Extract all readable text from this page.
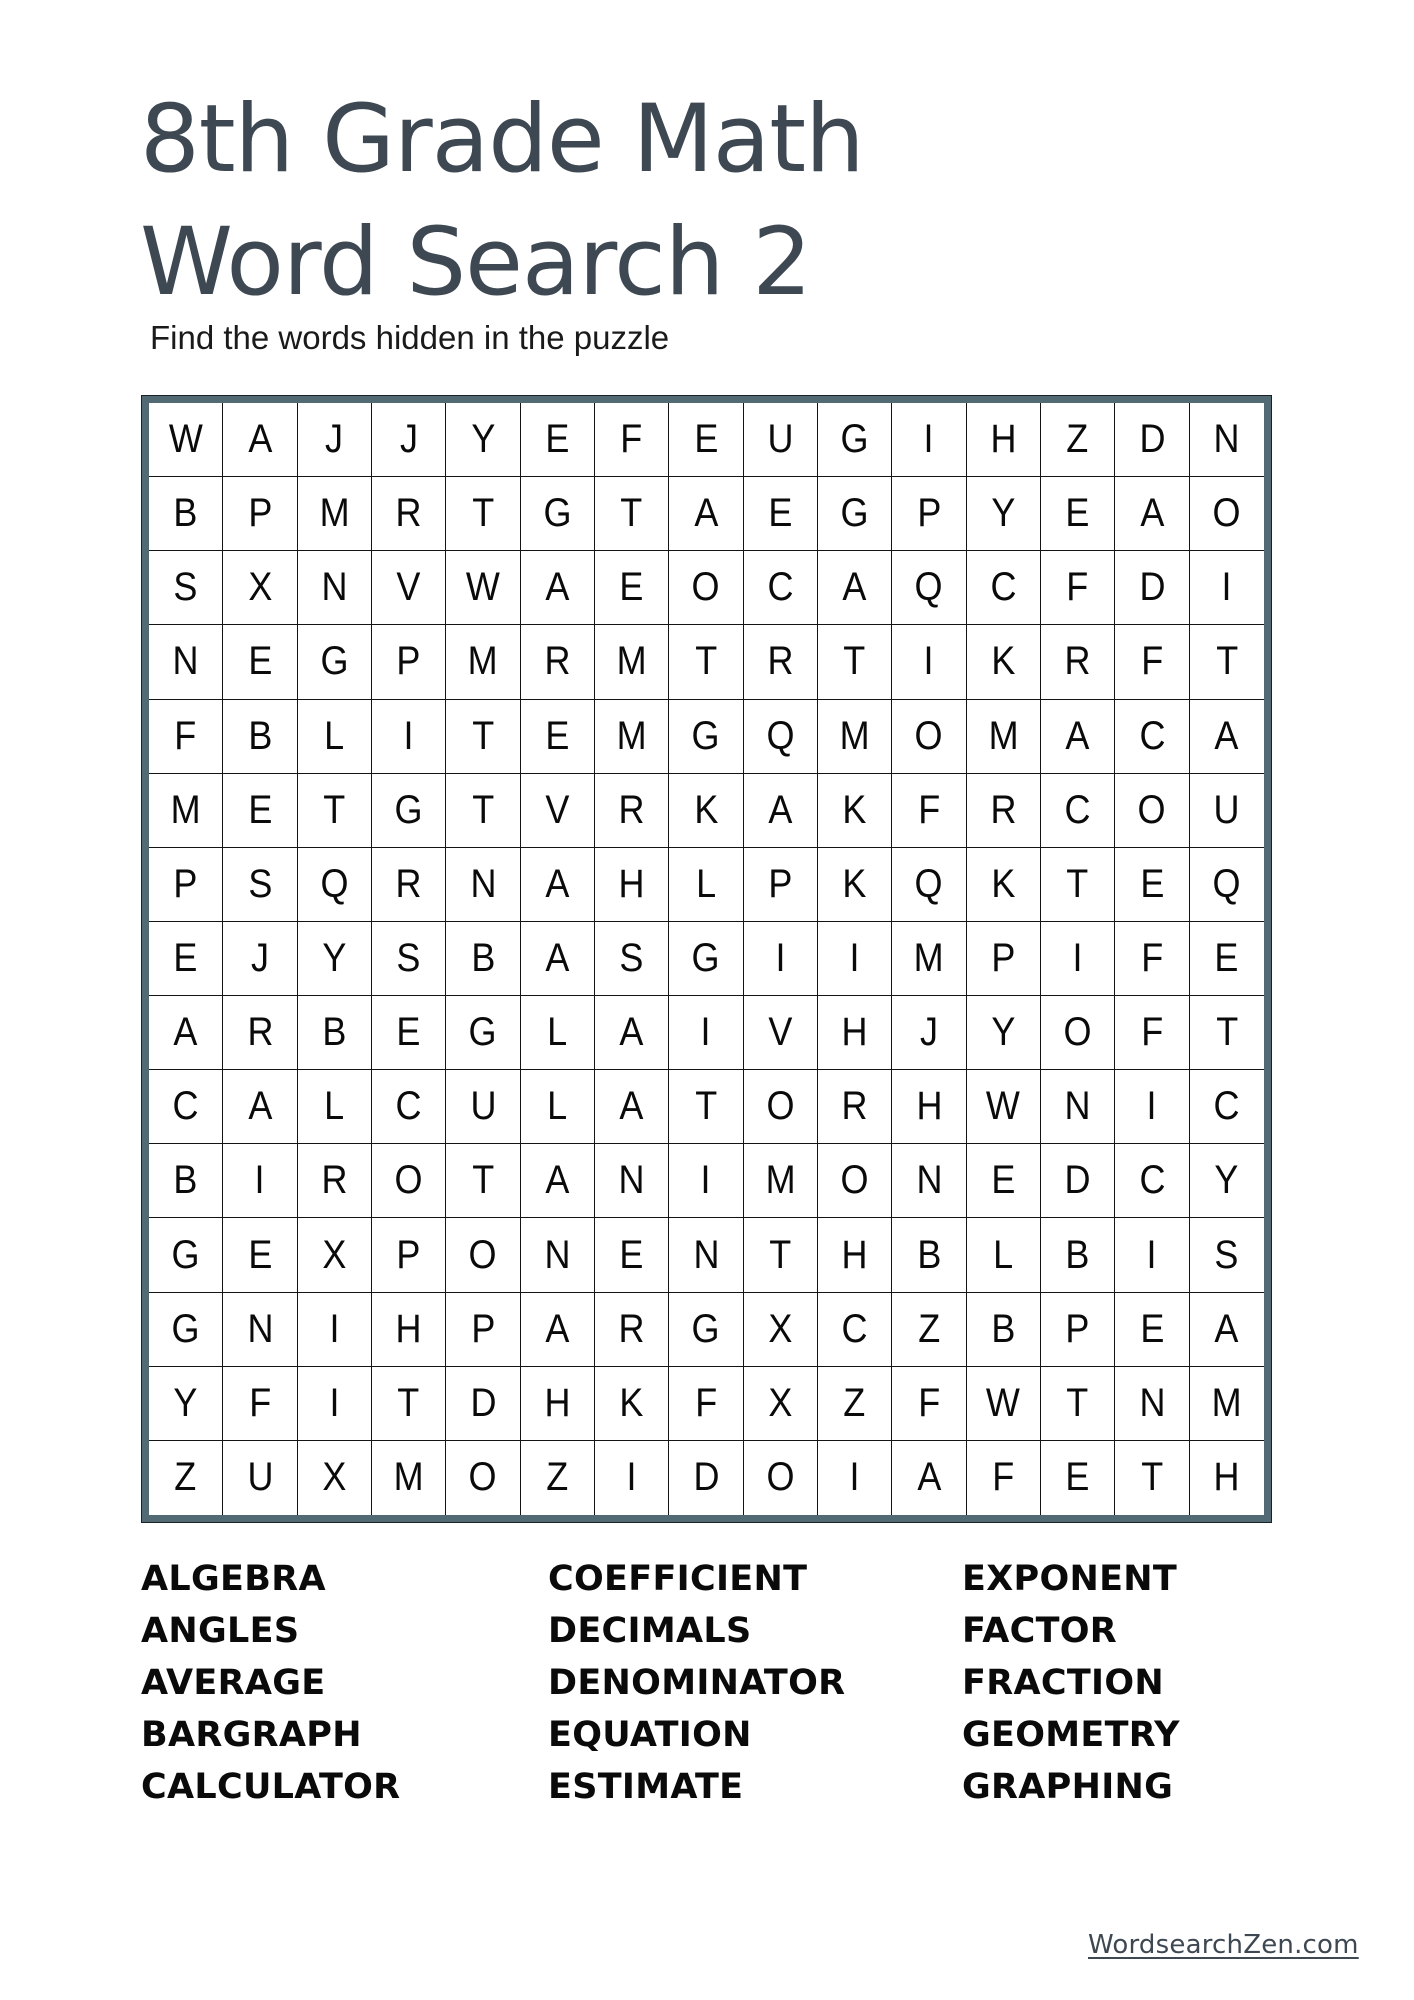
8th Grade Math
Word Search 2
Find the words hidden in the puzzle
W A J J Y E F E U G I H Z D N
B P M R T G T A E G P Y E A O
S X N V W A E O C A Q C F D I
N E G P M R M T R T I K R F T
F B L I T E M G Q M O M A C A
M E T G T V R K A K F R C O U
P S Q R N A H L P K Q K T E Q
E J Y S B A S G I I M P I F E
A R B E G L A I V H J Y O F T
C A L C U L A T O R H W N I C
B I R O T A N I M O N E D C Y
G E X P O N E N T H B L B I S
G N I H P A R G X C Z B P E A
Y F I T D H K F X Z F W T N M
Z U X M O Z I D O I A F E T H
ALGEBRA
ANGLES
AVERAGE
BARGRAPH
CALCULATOR
COEFFICIENT
DECIMALS
DENOMINATOR
EQUATION
ESTIMATE
EXPONENT
FACTOR
FRACTION
GEOMETRY
GRAPHING
WordsearchZen.com
